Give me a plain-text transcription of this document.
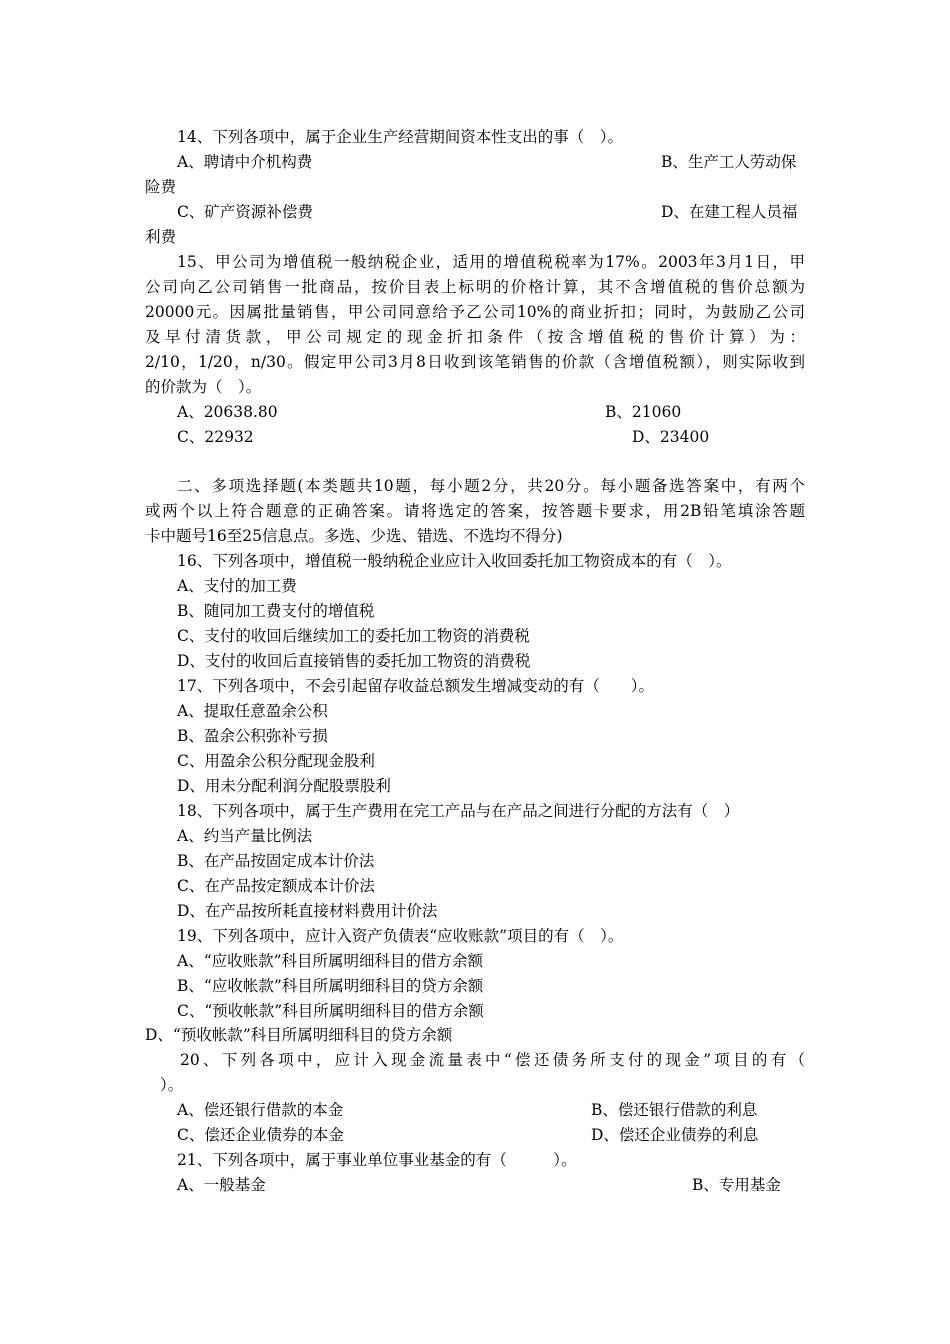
14、下列各项中，属于企业生产经营期间资本性支出的事（　）。
A、聘请中介机构费	B、生产工人劳动保
险费
C、矿产资源补偿费	D、在建工程人员福
利费
15、甲公司为增值税一般纳税企业，适用的增值税税率为17%。2003年3月1日，甲
公司向乙公司销售一批商品，按价目表上标明的价格计算，其不含增值税的售价总额为
20000元。因属批量销售，甲公司同意给予乙公司10%的商业折扣；同时，为鼓励乙公司
及早付清货款，甲公司规定的现金折扣条件（按含增值税的售价计算）为：
2/10，1/20，n/30。假定甲公司3月8日收到该笔销售的价款（含增值税额），则实际收到
的价款为（　）。
A、20638.80	B、21060
C、22932	D、23400
二、多项选择题(本类题共10题，每小题2分，共20分。每小题备选答案中，有两个
或两个以上符合题意的正确答案。请将选定的答案，按答题卡要求，用2B铅笔填涂答题
卡中题号16至25信息点。多选、少选、错选、不选均不得分)
16、下列各项中，增值税一般纳税企业应计入收回委托加工物资成本的有（　）。
A、支付的加工费
B、随同加工费支付的增值税
C、支付的收回后继续加工的委托加工物资的消费税
D、支付的收回后直接销售的委托加工物资的消费税
17、下列各项中，不会引起留存收益总额发生增减变动的有（　　）。
A、提取任意盈余公积
B、盈余公积弥补亏损
C、用盈余公积分配现金股利
D、用未分配利润分配股票股利
18、下列各项中，属于生产费用在完工产品与在产品之间进行分配的方法有（　）
A、约当产量比例法
B、在产品按固定成本计价法
C、在产品按定额成本计价法
D、在产品按所耗直接材料费用计价法
19、下列各项中，应计入资产负债表“应收账款”项目的有（　）。
A、“应收账款”科目所属明细科目的借方余额
B、“应收帐款”科目所属明细科目的贷方余额
C、“预收帐款”科目所属明细科目的借方余额
D、“预收帐款”科目所属明细科目的贷方余额
20、下列各项中，应计入现金流量表中“偿还债务所支付的现金”项目的有（
）。
A、偿还银行借款的本金	B、偿还银行借款的利息
C、偿还企业债券的本金	D、偿还企业债券的利息
21、下列各项中，属于事业单位事业基金的有（　　　）。
A、一般基金	B、专用基金
